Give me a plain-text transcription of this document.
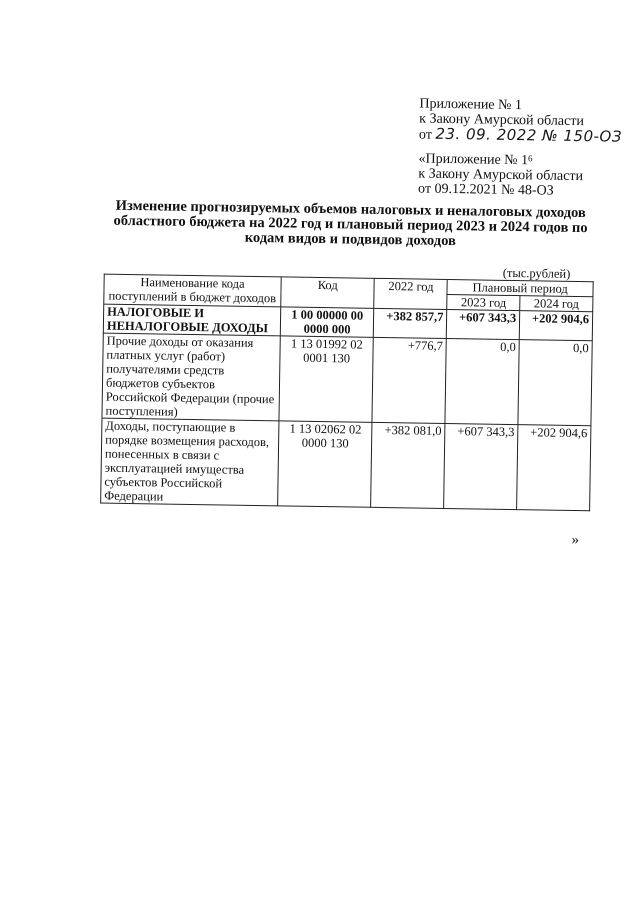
Приложение № 1
к Закону Амурской области
от 23. 09. 2022 № 150-ОЗ
«Приложение № $1^6$
к Закону Амурской области
от 09.12.2021 № 48-ОЗ
Изменение прогнозируемых объемов налоговых и неналоговых доходов областного бюджета на 2022 год и плановый период 2023 и 2024 годов по кодам видов и подвидов доходов
(тыс.рублей)
Наименование кода поступлений в бюджет доходов	Код	2022 год	Плановый период	
			2023 год	2024 год
НАЛОГОВЫЕ И НЕНАЛОГОВЫЕ ДОХОДЫ	1 00 00000 00 0000 000	+382 857,7	+607 343,3	+202 904,6
Прочие доходы от оказания платных услуг (работ) получателями средств бюджетов субъектов Российской Федерации (прочие поступления)	1 13 01992 02 0001 130	+776,7	0,0	0,0
Доходы, поступающие в порядке возмещения расходов, понесенных в связи с эксплуатацией имущества субъектов Российской Федерации	1 13 02062 02 0000 130	+382 081,0	+607 343,3	+202 904,6
»
